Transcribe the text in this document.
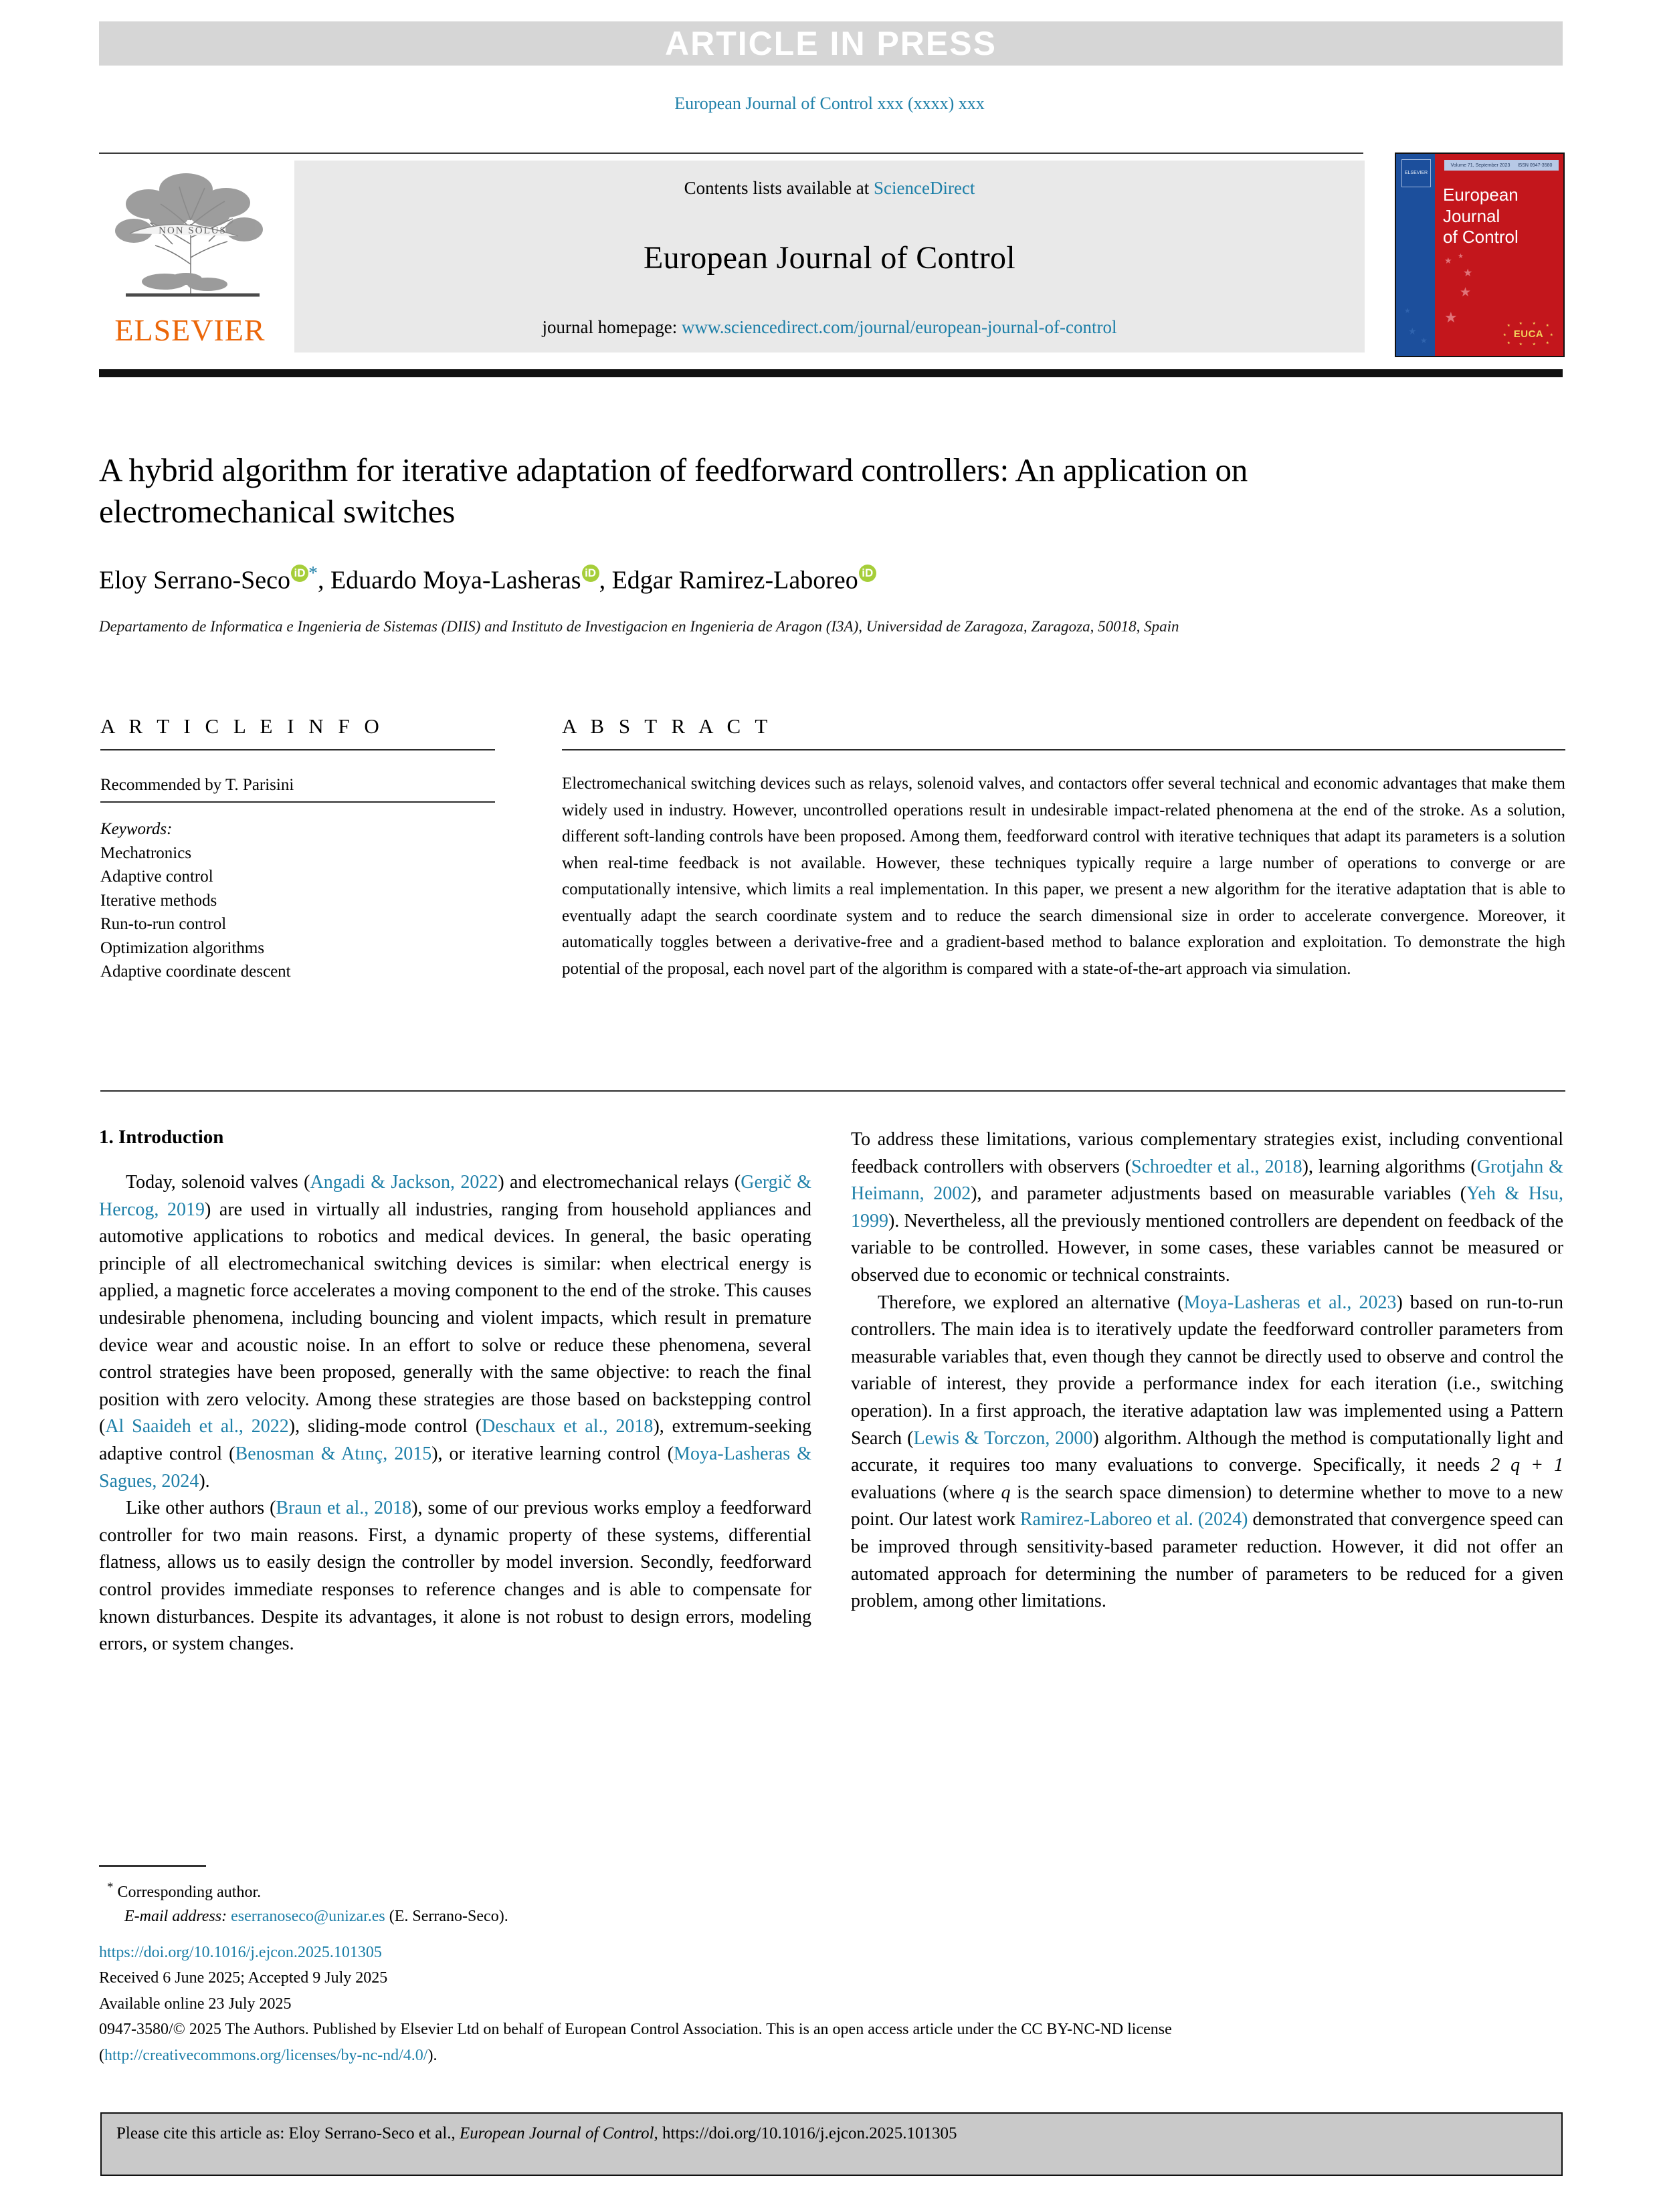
ARTICLE IN PRESS
European Journal of Control xxx (xxxx) xxx
NON SOLUS
ELSEVIER
Contents lists available at ScienceDirect
European Journal of Control
journal homepage: www.sciencedirect.com/journal/european-journal-of-control
ELSEVIER
Volume 71, September 2023 ISSN 0947-3580
European
Journal
of Control
★ ★
★
★
★
★
★
★
★	★	★	★
★
★
★
★
★
★ EUCA
A hybrid algorithm for iterative adaptation of feedforward controllers: An application on electromechanical switches
Eloy Serrano-Seco iD *, Eduardo Moya-Lasheras iD , Edgar Ramirez-Laboreo iD
Departamento de Informatica e Ingenieria de Sistemas (DIIS) and Instituto de Investigacion en Ingenieria de Aragon (I3A), Universidad de Zaragoza, Zaragoza, 50018, Spain
A R T I C L E I N F O	A B S T R A C T
Recommended by T. Parisini
Keywords:
Mechatronics
Adaptive control
Iterative methods
Run-to-run control
Optimization algorithms
Adaptive coordinate descent
Electromechanical switching devices such as relays, solenoid valves, and contactors offer several technical and economic advantages that make them widely used in industry. However, uncontrolled operations result in undesirable impact-related phenomena at the end of the stroke. As a solution, different soft-landing controls have been proposed. Among them, feedforward control with iterative techniques that adapt its parameters is a solution when real-time feedback is not available. However, these techniques typically require a large number of operations to converge or are computationally intensive, which limits a real implementation. In this paper, we present a new algorithm for the iterative adaptation that is able to eventually adapt the search coordinate system and to reduce the search dimensional size in order to accelerate convergence. Moreover, it automatically toggles between a derivative-free and a gradient-based method to balance exploration and exploitation. To demonstrate the high potential of the proposal, each novel part of the algorithm is compared with a state-of-the-art approach via simulation.
1. Introduction

Today, solenoid valves (Angadi & Jackson, 2022) and electromechanical relays (Gergič & Hercog, 2019) are used in virtually all industries, ranging from household appliances and automotive applications to robotics and medical devices. In general, the basic operating principle of all electromechanical switching devices is similar: when electrical energy is applied, a magnetic force accelerates a moving component to the end of the stroke. This causes undesirable phenomena, including bouncing and violent impacts, which result in premature device wear and acoustic noise. In an effort to solve or reduce these phenomena, several control strategies have been proposed, generally with the same objective: to reach the final position with zero velocity. Among these strategies are those based on backstepping control (Al Saaideh et al., 2022), sliding-mode control (Deschaux et al., 2018), extremum-seeking adaptive control (Benosman & Atınç, 2015), or iterative learning control (Moya-Lasheras & Sagues, 2024).

Like other authors (Braun et al., 2018), some of our previous works employ a feedforward controller for two main reasons. First, a dynamic property of these systems, differential flatness, allows us to easily design the controller by model inversion. Secondly, feedforward control provides immediate responses to reference changes and is able to compensate for known disturbances. Despite its advantages, it alone is not robust to design errors, modeling errors, or system changes.

To address these limitations, various complementary strategies exist, including conventional feedback controllers with observers (Schroedter et al., 2018), learning algorithms (Grotjahn & Heimann, 2002), and parameter adjustments based on measurable variables (Yeh & Hsu, 1999). Nevertheless, all the previously mentioned controllers are dependent on feedback of the variable to be controlled. However, in some cases, these variables cannot be measured or observed due to economic or technical constraints.

Therefore, we explored an alternative (Moya-Lasheras et al., 2023) based on run-to-run controllers. The main idea is to iteratively update the feedforward controller parameters from measurable variables that, even though they cannot be directly used to observe and control the variable of interest, they provide a performance index for each iteration (i.e., switching operation). In a first approach, the iterative adaptation law was implemented using a Pattern Search (Lewis & Torczon, 2000) algorithm. Although the method is computationally light and accurate, it requires too many evaluations to converge. Specifically, it needs 2 q + 1 evaluations (where q is the search space dimension) to determine whether to move to a new point. Our latest work Ramirez-Laboreo et al. (2024) demonstrated that convergence speed can be improved through sensitivity-based parameter reduction. However, it did not offer an automated approach for determining the number of parameters to be reduced for a given problem, among other limitations.

* Corresponding author.
E-mail address: eserranoseco@unizar.es (E. Serrano-Seco).
https://doi.org/10.1016/j.ejcon.2025.101305
Received 6 June 2025; Accepted 9 July 2025
Available online 23 July 2025
0947-3580/© 2025 The Authors. Published by Elsevier Ltd on behalf of European Control Association. This is an open access article under the CC BY-NC-ND license
(http://creativecommons.org/licenses/by-nc-nd/4.0/).
Please cite this article as: Eloy Serrano-Seco et al., European Journal of Control, https://doi.org/10.1016/j.ejcon.2025.101305
